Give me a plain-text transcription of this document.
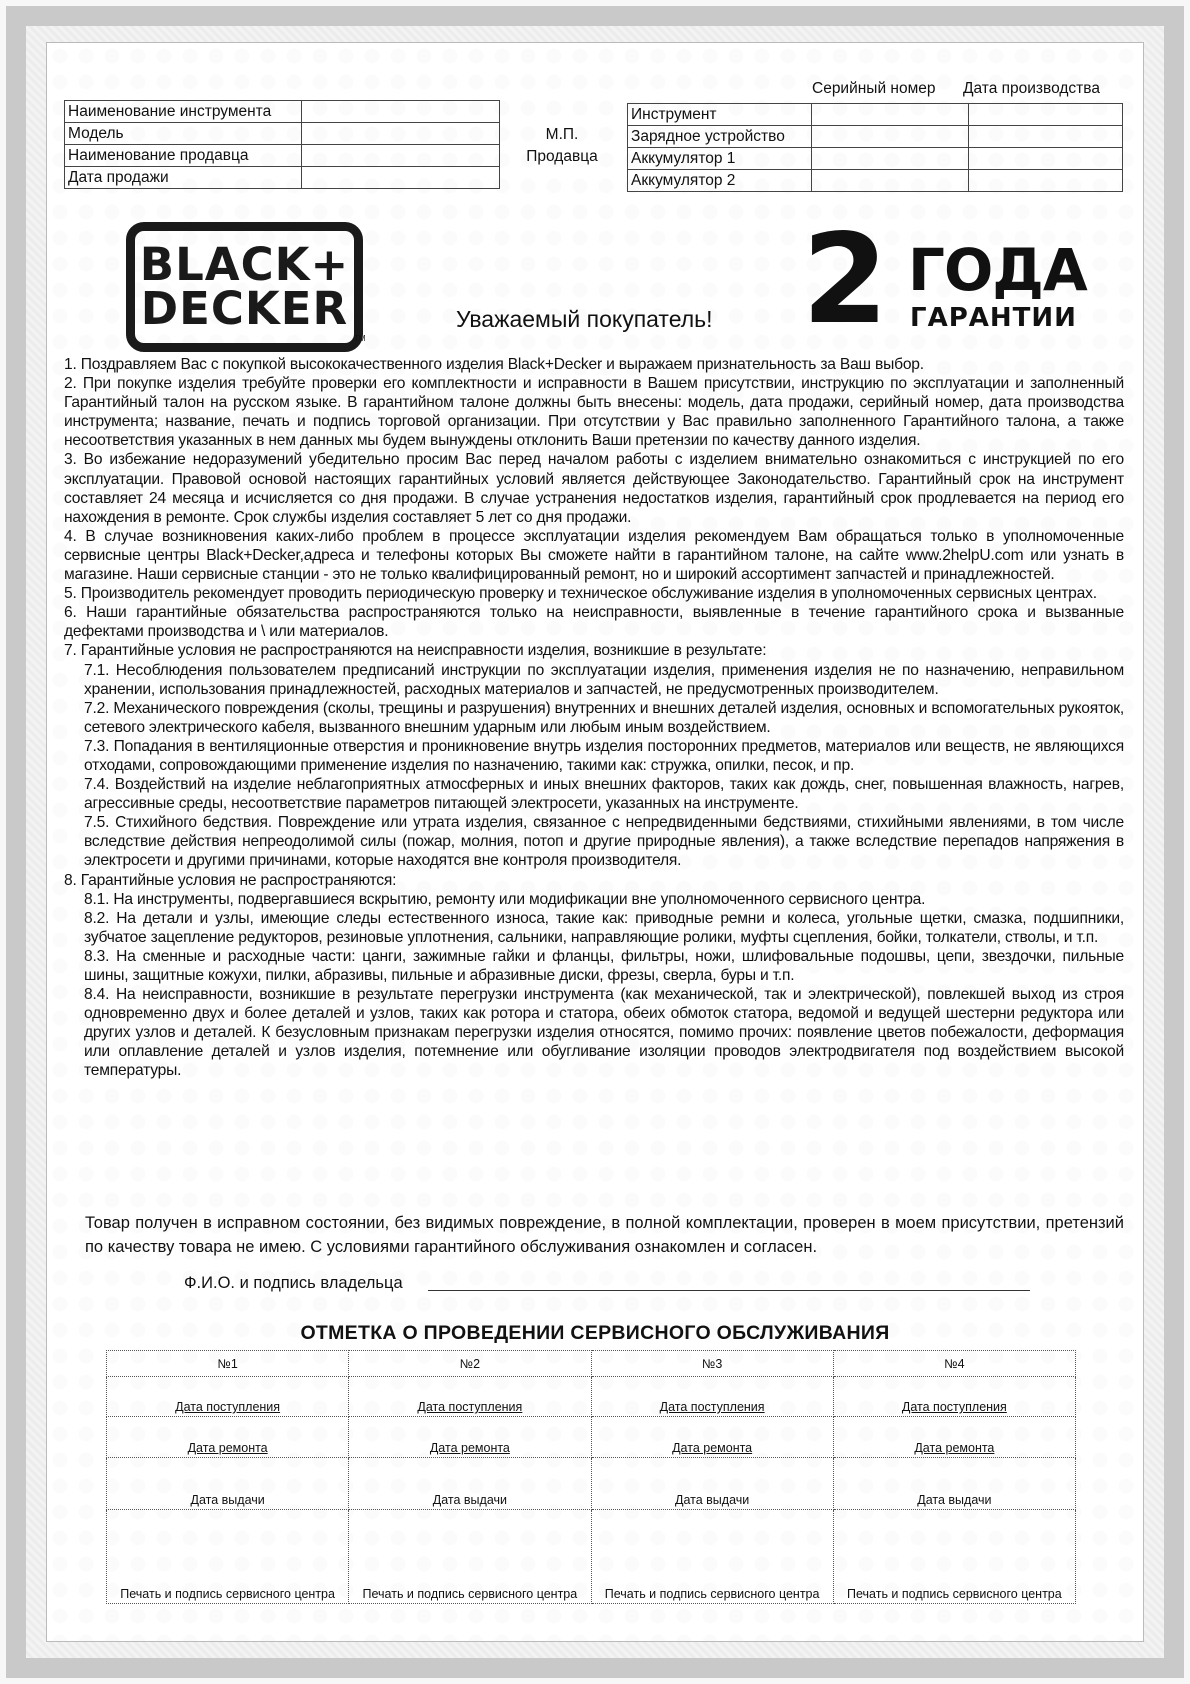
Наименование инструмента	
Модель	
Наименование продавца	
Дата продажи	
М.П.
Продавца
Серийный номер Дата производства
Инструмент		
Зарядное устройство		
Аккумулятор 1		
Аккумулятор 2		
BLACK+
DECKER
TM
Уважаемый покупатель! 2 ГОДА
ГАРАНТИИ

1. Поздравляем Вас с покупкой высококачественного изделия Black+Decker и выражаем признательность за Ваш выбор.

2. При покупке изделия требуйте проверки его комплектности и исправности в Вашем присутствии, инструкцию по эксплуатации и заполненный Гарантийный талон на русском языке. В гарантийном талоне должны быть внесены: модель, дата продажи, серийный номер, дата производства инструмента; название, печать и подпись торговой организации. При отсутствии у Вас правильно заполненного Гарантийного талона, а также несоответствия указанных в нем данных мы будем вынуждены отклонить Ваши претензии по качеству данного изделия.

3. Во избежание недоразумений убедительно просим Вас перед началом работы с изделием внимательно ознакомиться с инструкцией по его эксплуатации. Правовой основой настоящих гарантийных условий является действующее Законодательство. Гарантийный срок на инструмент составляет 24 месяца и исчисляется со дня продажи. В случае устранения недостатков изделия, гарантийный срок продлевается на период его нахождения в ремонте. Срок службы изделия составляет 5 лет со дня продажи.

4. В случае возникновения каких-либо проблем в процессе эксплуатации изделия рекомендуем Вам обращаться только в уполномоченные сервисные центры Black+Decker,адреса и телефоны которых Вы сможете найти в гарантийном талоне, на сайте www.2helpU.com или узнать в магазине. Наши сервисные станции - это не только квалифицированный ремонт, но и широкий ассортимент запчастей и принадлежностей.

5. Производитель рекомендует проводить периодическую проверку и техническое обслуживание изделия в уполномоченных сервисных центрах.

6. Наши гарантийные обязательства распространяются только на неисправности, выявленные в течение гарантийного срока и вызванные дефектами производства и \ или материалов.

7. Гарантийные условия не распространяются на неисправности изделия, возникшие в результате:

7.1. Несоблюдения пользователем предписаний инструкции по эксплуатации изделия, применения изделия не по назначению, неправильном хранении, использования принадлежностей, расходных материалов и запчастей, не предусмотренных производителем.

7.2. Механического повреждения (сколы, трещины и разрушения) внутренних и внешних деталей изделия, основных и вспомогательных рукояток, сетевого электрического кабеля, вызванного внешним ударным или любым иным воздействием.

7.3. Попадания в вентиляционные отверстия и проникновение внутрь изделия посторонних предметов, материалов или веществ, не являющихся отходами, сопровождающими применение изделия по назначению, такими как: стружка, опилки, песок, и пр.

7.4. Воздействий на изделие неблагоприятных атмосферных и иных внешних факторов, таких как дождь, снег, повышенная влажность, нагрев, агрессивные среды, несоответствие параметров питающей электросети, указанных на инструменте.

7.5. Стихийного бедствия. Повреждение или утрата изделия, связанное с непредвиденными бедствиями, стихийными явлениями, в том числе вследствие действия непреодолимой силы (пожар, молния, потоп и другие природные явления), а также вследствие перепадов напряжения в электросети и другими причинами, которые находятся вне контроля производителя.

8. Гарантийные условия не распространяются:

8.1. На инструменты, подвергавшиеся вскрытию, ремонту или модификации вне уполномоченного сервисного центра.

8.2. На детали и узлы, имеющие следы естественного износа, такие как: приводные ремни и колеса, угольные щетки, смазка, подшипники, зубчатое зацепление редукторов, резиновые уплотнения, сальники, направляющие ролики, муфты сцепления, бойки, толкатели, стволы, и т.п.

8.3. На сменные и расходные части: цанги, зажимные гайки и фланцы, фильтры, ножи, шлифовальные подошвы, цепи, звездочки, пильные шины, защитные кожухи, пилки, абразивы, пильные и абразивные диски, фрезы, сверла, буры и т.п.

8.4. На неисправности, возникшие в результате перегрузки инструмента (как механической, так и электрической), повлекшей выход из строя одновременно двух и более деталей и узлов, таких как ротора и статора, обеих обмоток статора, ведомой и ведущей шестерни редуктора или других узлов и деталей. К безусловным признакам перегрузки изделия относятся, помимо прочих: появление цветов побежалости, деформация или оплавление деталей и узлов изделия, потемнение или обугливание изоляции проводов электродвигателя под воздействием высокой температуры.

Товар получен в исправном состоянии, без видимых повреждение, в полной комплектации, проверен в моем присутствии, претензий по качеству товара не имею. С условиями гарантийного обслуживания ознакомлен и согласен.
Ф.И.О. и подпись владельца
ОТМЕТКА О ПРОВЕДЕНИИ СЕРВИСНОГО ОБСЛУЖИВАНИЯ
№1	№2	№3	№4
Дата поступления	Дата поступления	Дата поступления	Дата поступления
Дата ремонта	Дата ремонта	Дата ремонта	Дата ремонта
Дата выдачи	Дата выдачи	Дата выдачи	Дата выдачи
Печать и подпись сервисного центра	Печать и подпись сервисного центра	Печать и подпись сервисного центра	Печать и подпись сервисного центра
